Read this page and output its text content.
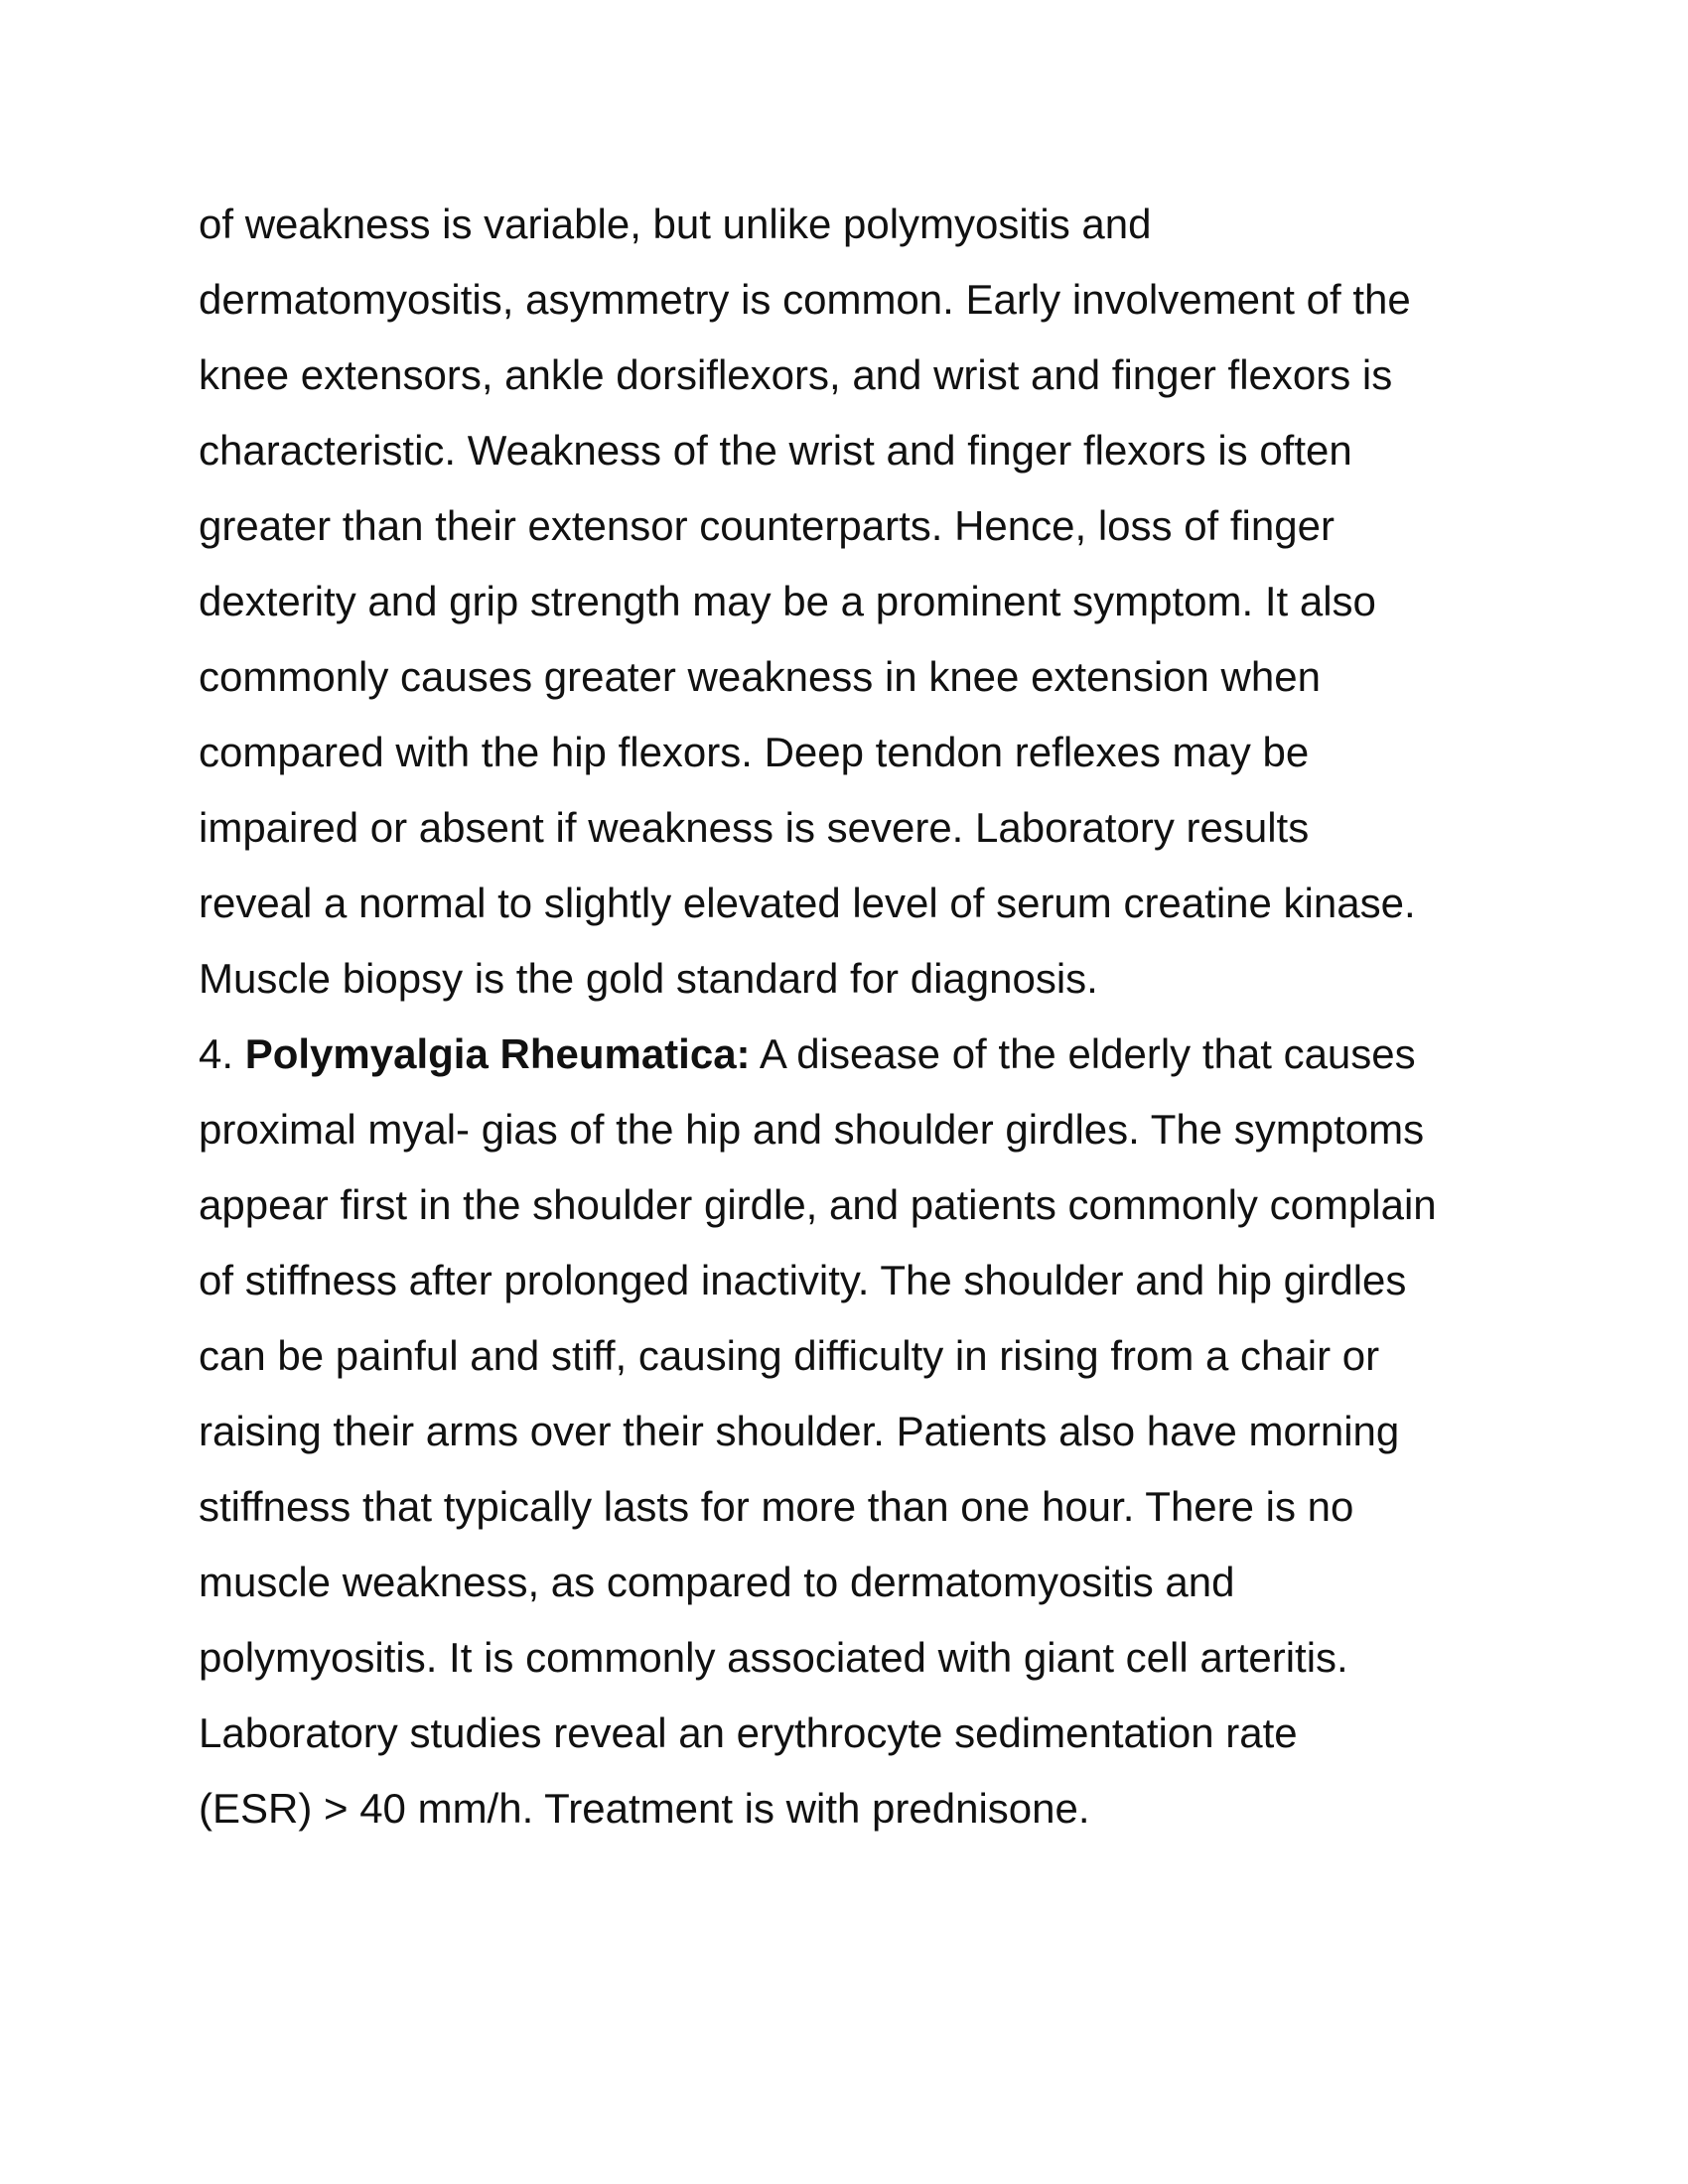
of weakness is variable, but unlike polymyositis and
dermatomyositis, asymmetry is common. Early involvement of the
knee extensors, ankle dorsiflexors, and wrist and finger flexors is
characteristic. Weakness of the wrist and finger flexors is often
greater than their extensor counterparts. Hence, loss of finger
dexterity and grip strength may be a prominent symptom. It also
commonly causes greater weakness in knee extension when
compared with the hip flexors. Deep tendon reflexes may be
impaired or absent if weakness is severe. Laboratory results
reveal a normal to slightly elevated level of serum creatine kinase.
Muscle biopsy is the gold standard for diagnosis.
4. Polymyalgia Rheumatica: A disease of the elderly that causes
proximal myal- gias of the hip and shoulder girdles. The symptoms
appear first in the shoulder girdle, and patients commonly complain
of stiffness after prolonged inactivity. The shoulder and hip girdles
can be painful and stiff, causing difficulty in rising from a chair or
raising their arms over their shoulder. Patients also have morning
stiffness that typically lasts for more than one hour. There is no
muscle weakness, as compared to dermatomyositis and
polymyositis. It is commonly associated with giant cell arteritis.
Laboratory studies reveal an erythrocyte sedimentation rate
(ESR) > 40 mm/h. Treatment is with prednisone.
